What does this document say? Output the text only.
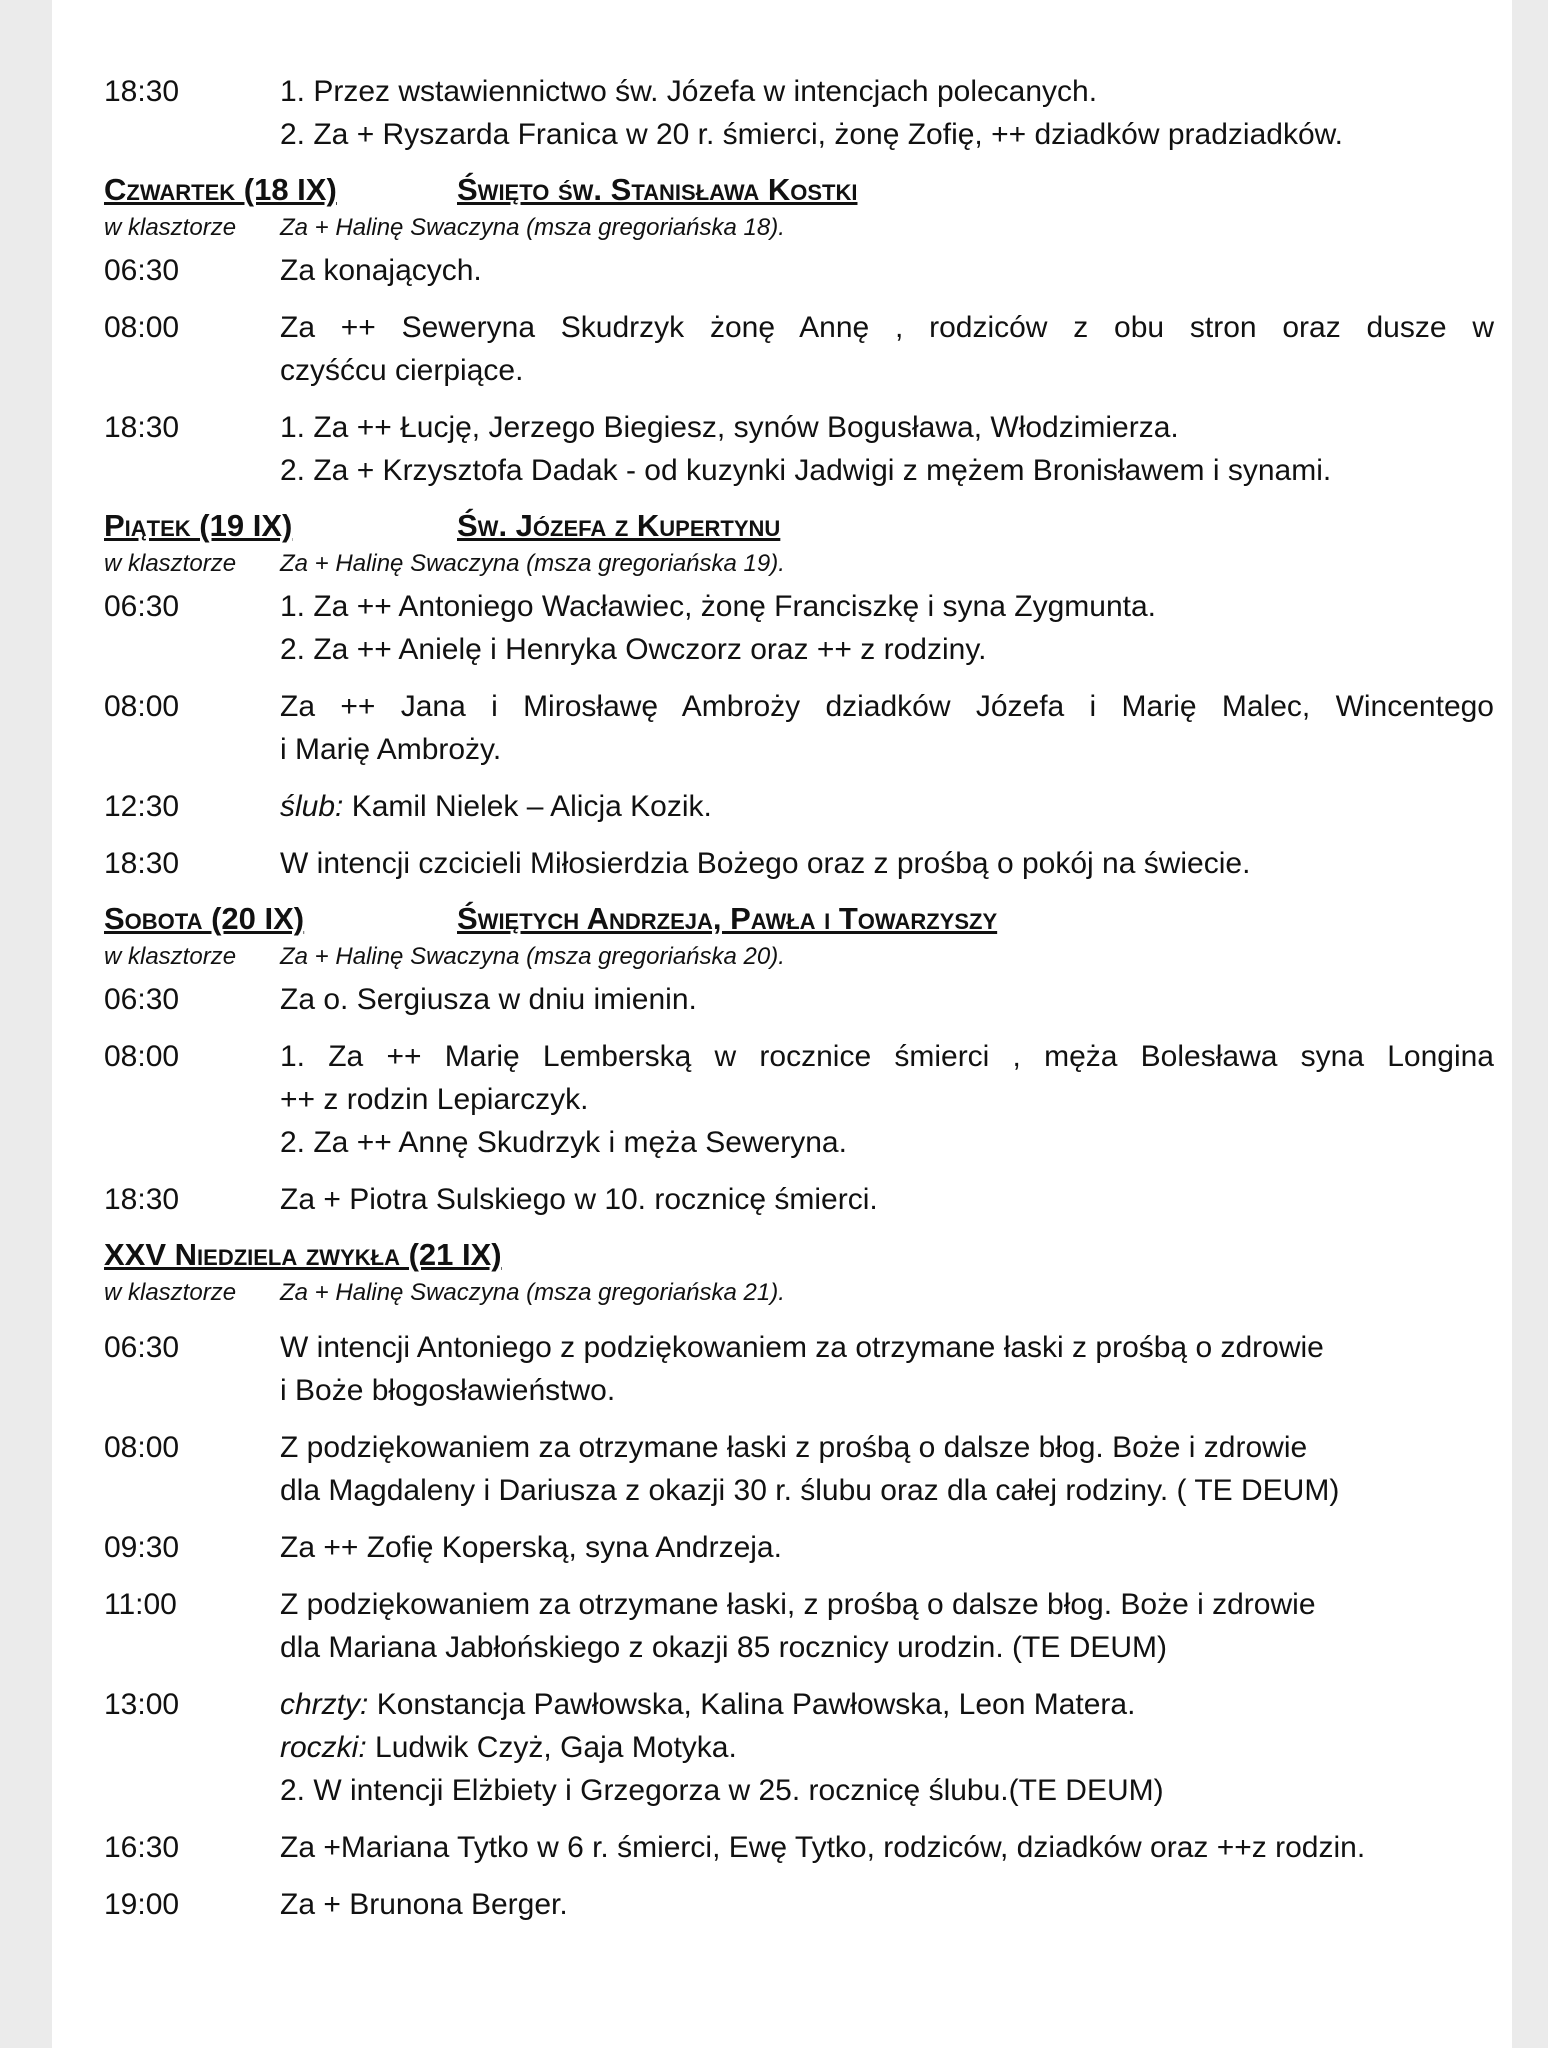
18:30	1. Przez wstawiennictwo św. Józefa w intencjach polecanych.
2. Za + Ryszarda Franica w 20 r. śmierci, żonę Zofię, ++ dziadków pradziadków.
Czwartek (18 IX)	Święto św. Stanisława Kostki
w klasztorze	Za + Halinę Swaczyna (msza gregoriańska 18).
06:30	Za konających.
08:00	Za ++ Seweryna Skudrzyk żonę Annę , rodziców z obu stron oraz dusze w
czyśćcu cierpiące.
18:30	1. Za ++ Łucję, Jerzego Biegiesz, synów Bogusława, Włodzimierza.
2. Za + Krzysztofa Dadak - od kuzynki Jadwigi z mężem Bronisławem i synami.
Piątek (19 IX)	Św. Józefa z Kupertynu
w klasztorze	Za + Halinę Swaczyna (msza gregoriańska 19).
06:30	1. Za ++ Antoniego Wacławiec, żonę Franciszkę i syna Zygmunta.
2. Za ++ Anielę i Henryka Owczorz oraz ++ z rodziny.
08:00	Za ++ Jana i Mirosławę Ambroży dziadków Józefa i Marię Malec, Wincentego
i Marię Ambroży.
12:30	ślub: Kamil Nielek – Alicja Kozik.
18:30	W intencji czcicieli Miłosierdzia Bożego oraz z prośbą o pokój na świecie.
Sobota (20 IX)	Świętych Andrzeja, Pawła i Towarzyszy
w klasztorze	Za + Halinę Swaczyna (msza gregoriańska 20).
06:30	Za o. Sergiusza w dniu imienin.
08:00	1. Za ++ Marię Lemberską w rocznice śmierci , męża Bolesława syna Longina
++ z rodzin Lepiarczyk.
2. Za ++ Annę Skudrzyk i męża Seweryna.
18:30	Za + Piotra Sulskiego w 10. rocznicę śmierci.
XXV Niedziela zwykła (21 IX)
w klasztorze	Za + Halinę Swaczyna (msza gregoriańska 21).
06:30	W intencji Antoniego z podziękowaniem za otrzymane łaski z prośbą o zdrowie
i Boże błogosławieństwo.
08:00	Z podziękowaniem za otrzymane łaski z prośbą o dalsze błog. Boże i zdrowie
dla Magdaleny i Dariusza z okazji 30 r. ślubu oraz dla całej rodziny. ( TE DEUM)
09:30	Za ++ Zofię Koperską, syna Andrzeja.
11:00	Z podziękowaniem za otrzymane łaski, z prośbą o dalsze błog. Boże i zdrowie
dla Mariana Jabłońskiego z okazji 85 rocznicy urodzin. (TE DEUM)
13:00	chrzty: Konstancja Pawłowska, Kalina Pawłowska, Leon Matera.
roczki: Ludwik Czyż, Gaja Motyka.
2. W intencji Elżbiety i Grzegorza w 25. rocznicę ślubu.(TE DEUM)
16:30	Za +Mariana Tytko w 6 r. śmierci, Ewę Tytko, rodziców, dziadków oraz ++z rodzin.
19:00	Za + Brunona Berger.
